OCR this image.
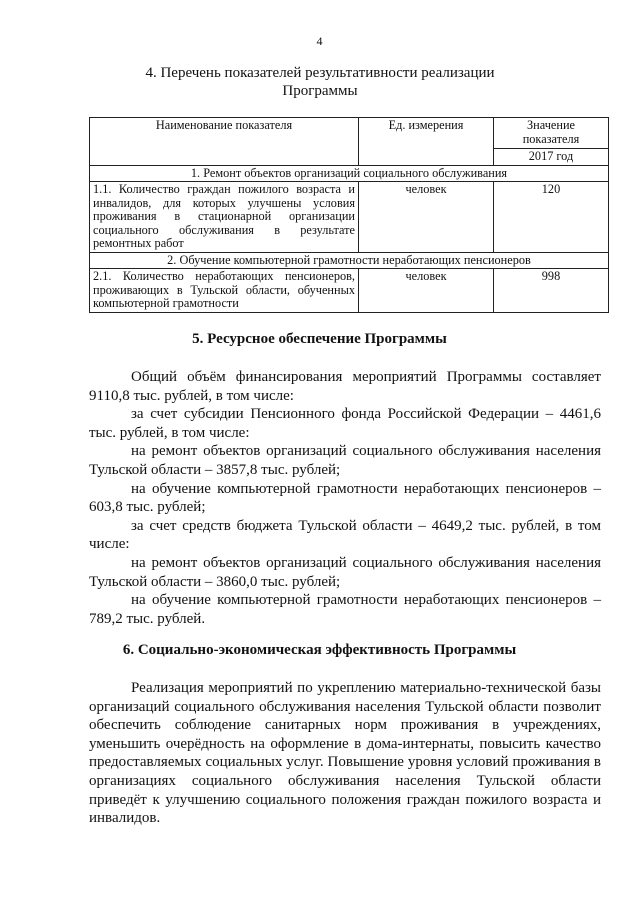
4
4. Перечень показателей результативности реализации
Программы
Наименование показателя	Ед. измерения	Значение
показателя
2017 год

1. Ремонт объектов организаций социального обслуживания		
1.1. Количество граждан пожилого возраста и инвалидов, для которых улучшены условия проживания в стационарной организации социального обслуживания в результате ремонтных работ	человек	120
2. Обучение компьютерной грамотности неработающих пенсионеров		
2.1. Количество неработающих пенсионеров, проживающих в Тульской области, обученных компьютерной грамотности	человек	998
5. Ресурсное обеспечение Программы

Общий объём финансирования мероприятий Программы составляет 9110,8 тыс. рублей, в том числе:

за счет субсидии Пенсионного фонда Российской Федерации – 4461,6 тыс. рублей, в том числе:

на ремонт объектов организаций социального обслуживания населения Тульской области – 3857,8 тыс. рублей;

на обучение компьютерной грамотности неработающих пенсионеров – 603,8 тыс. рублей;

за счет средств бюджета Тульской области – 4649,2 тыс. рублей, в том числе:

на ремонт объектов организаций социального обслуживания населения Тульской области – 3860,0 тыс. рублей;

на обучение компьютерной грамотности неработающих пенсионеров – 789,2 тыс. рублей.

6. Социально-экономическая эффективность Программы

Реализация мероприятий по укреплению материально-технической базы организаций социального обслуживания населения Тульской области позволит обеспечить соблюдение санитарных норм проживания в учреждениях, уменьшить очерёдность на оформление в дома-интернаты, повысить качество предоставляемых социальных услуг. Повышение уровня условий проживания в организациях социального обслуживания населения Тульской области приведёт к улучшению социального положения граждан пожилого возраста и инвалидов.
